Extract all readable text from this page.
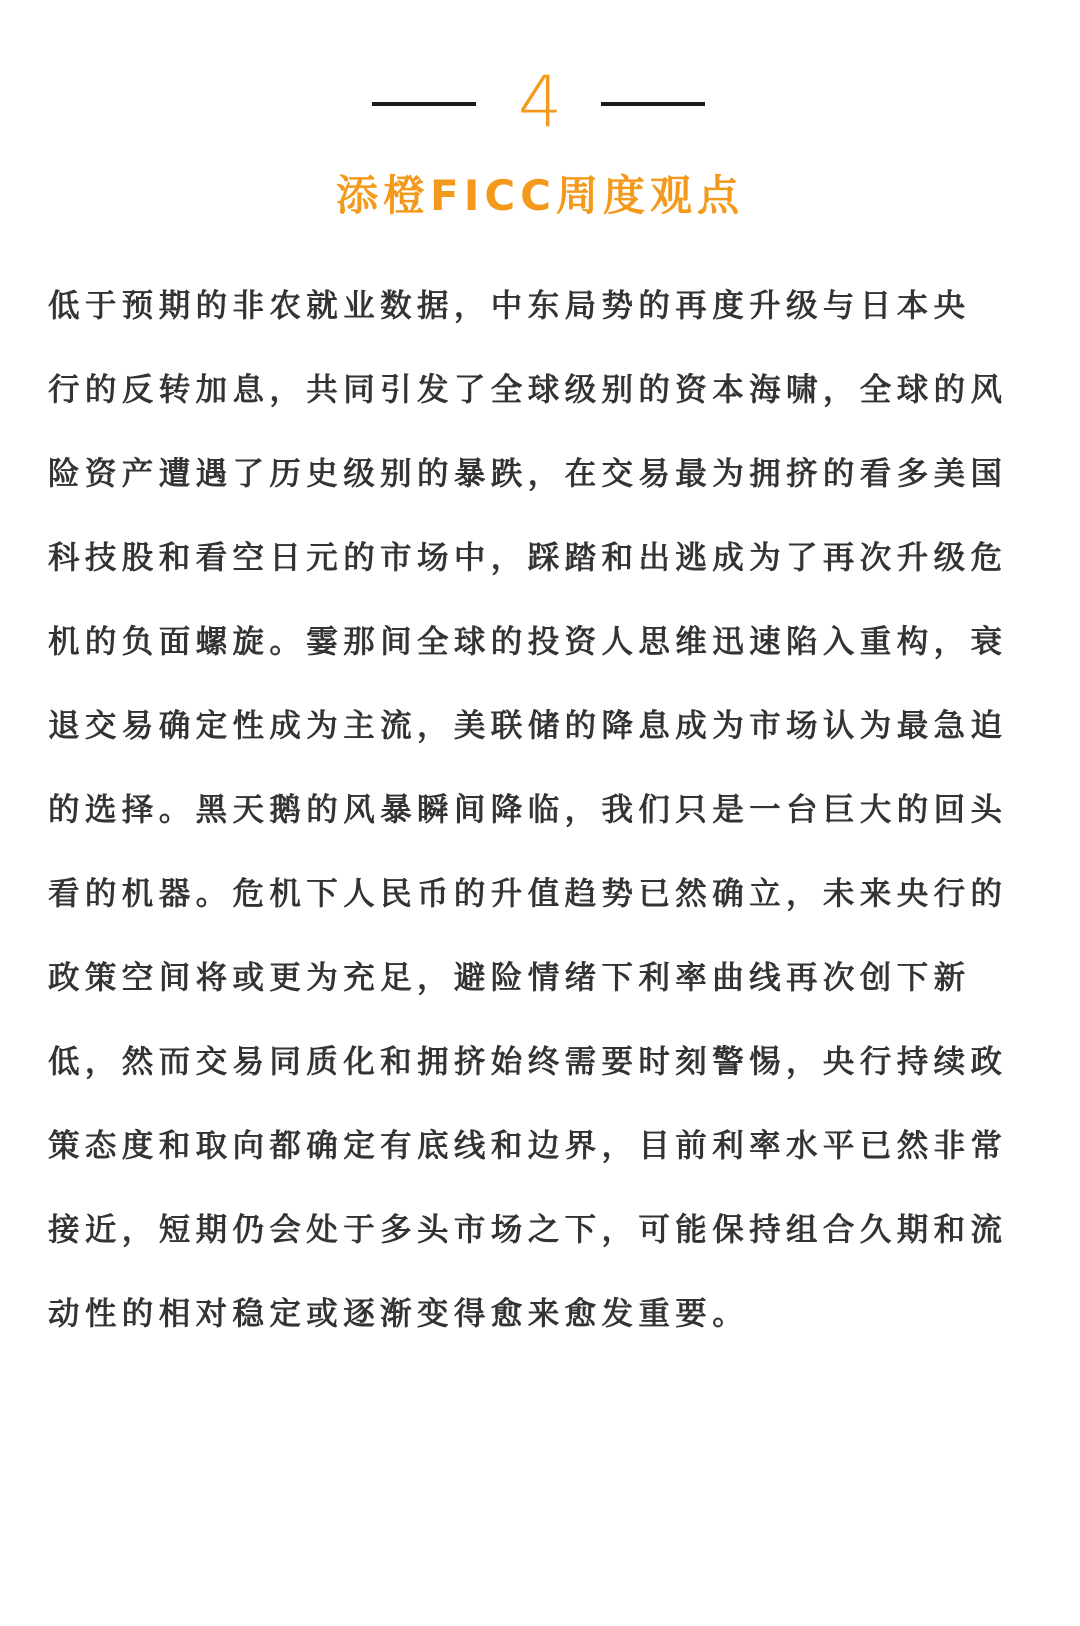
4
添橙FICC周度观点
低于预期的非农就业数据，中东局势的再度升级与日本央
行的反转加息，共同引发了全球级别的资本海啸，全球的风
险资产遭遇了历史级别的暴跌，在交易最为拥挤的看多美国
科技股和看空日元的市场中，踩踏和出逃成为了再次升级危
机的负面螺旋。霎那间全球的投资人思维迅速陷入重构，衰
退交易确定性成为主流，美联储的降息成为市场认为最急迫
的选择。黑天鹅的风暴瞬间降临，我们只是一台巨大的回头
看的机器。危机下人民币的升值趋势已然确立，未来央行的
政策空间将或更为充足，避险情绪下利率曲线再次创下新
低，然而交易同质化和拥挤始终需要时刻警惕，央行持续政
策态度和取向都确定有底线和边界，目前利率水平已然非常
接近，短期仍会处于多头市场之下，可能保持组合久期和流
动性的相对稳定或逐渐变得愈来愈发重要。
